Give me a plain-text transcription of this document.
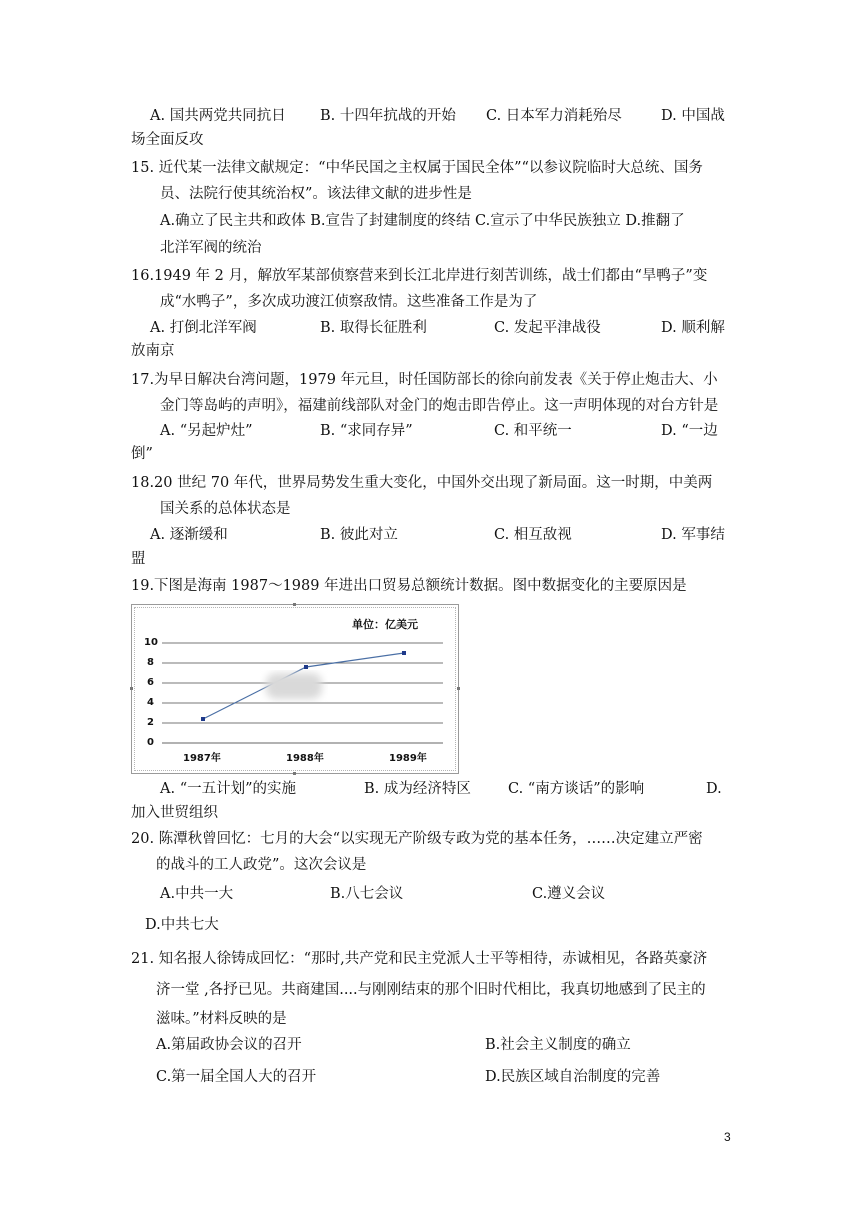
A. 国共两党共同抗日 B. 十四年抗战的开始 C. 日本军力消耗殆尽	D. 中国战
场全面反攻
15. 近代某一法律文献规定：“中华民国之主权属于国民全体”“以参议院临时大总统、国务
员、法院行使其统治权”。该法律文献的进步性是
A.确立了民主共和政体 B.宣告了封建制度的终结 C.宣示了中华民族独立 D.推翻了
北洋军阀的统治
16.1949 年 2 月，解放军某部侦察营来到长江北岸进行刻苦训练，战士们都由“旱鸭子”变
成“水鸭子”，多次成功渡江侦察敌情。这些准备工作是为了
A. 打倒北洋军阀	B. 取得长征胜利	C. 发起平津战役	D. 顺利解
放南京
17.为早日解决台湾问题，1979 年元旦，时任国防部长的徐向前发表《关于停止炮击大、小
金门等岛屿的声明》，福建前线部队对金门的炮击即告停止。这一声明体现的对台方针是
A. “另起炉灶”	B. “求同存异”	C. 和平统一	D. “一边
倒”
18.20 世纪 70 年代，世界局势发生重大变化，中国外交出现了新局面。这一时期，中美两
国关系的总体状态是
A. 逐渐缓和	B. 彼此对立	C. 相互敌视	D. 军事结
盟
19.下图是海南 1987～1989 年进出口贸易总额统计数据。图中数据变化的主要原因是
单位：亿美元
10
8
6
4
2
0
1987年	1988年	1989年
A. “一五计划”的实施	B. 成为经济特区	C. “南方谈话”的影响	D.
加入世贸组织
20. 陈潭秋曾回忆：七月的大会“以实现无产阶级专政为党的基本任务，……决定建立严密
的战斗的工人政党”。这次会议是
A.中共一大	B.八七会议	C.遵义会议
D.中共七大
21. 知名报人徐铸成回忆：“那时,共产党和民主党派人士平等相待，赤诚相见，各路英豪济
济一堂 ,各抒已见。共商建国....与刚刚结束的那个旧时代相比，我真切地感到了民主的
滋味。”材料反映的是
A.第届政协会议的召开	B.社会主义制度的确立
C.第一届全国人大的召开	D.民族区域自治制度的完善
3
